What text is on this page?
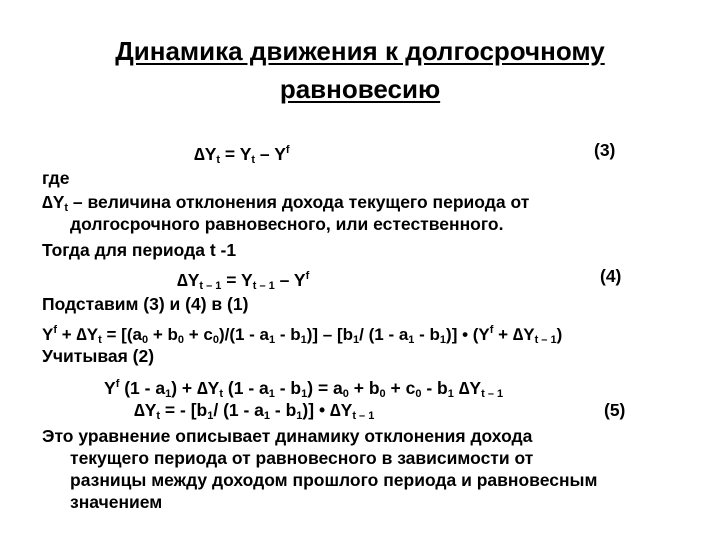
Динамика движения к долгосрочному
равновесию
$\Delta Y_t = Y_t - Y^f$	(3)
где
$\Delta Y_t$ – величина отклонения дохода текущего периода от
долгосрочного равновесного, или естественного.
Тогда для периода t -1
$\Delta Y_{t - 1} = Y_{t - 1} - Y^f$	(4)
Подставим (3) и (4) в (1)
$Y^f + \Delta Y_t = [(a_0 + b_0 + c_0)/(1 - a_1 - b_1)] - [b_1/$ $(1 - a_1 - b_1)$] • $(Y^f + \Delta Y_{t - 1})$
Учитывая (2)
$Y^f$ $(1 - a_1) + \Delta Y_t$ $(1 - a_1 - b_1) = a_0 + b_0 + c_0 - b_1$ $\Delta Y_{t - 1}$
$\Delta Y_t$ = - [$b_1/$ $(1 - a_1 - b_1)$] • $\Delta Y_{t - 1}$	(5)
Это уравнение описывает динамику отклонения дохода
текущего периода от равновесного в зависимости от
разницы между доходом прошлого периода и равновесным
значением
